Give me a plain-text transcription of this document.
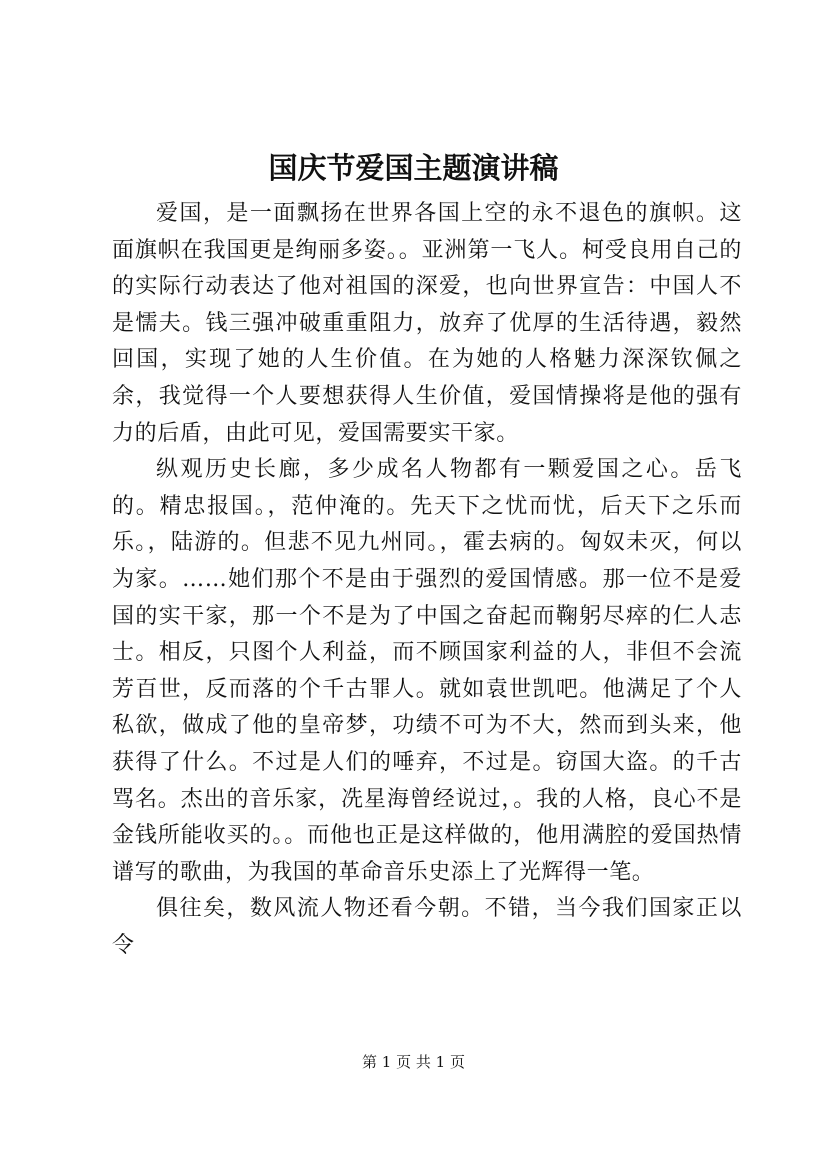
国庆节爱国主题演讲稿

爱国，是一面飘扬在世界各国上空的永不退色的旗帜。这面旗帜在我国更是绚丽多姿。。亚洲第一飞人。柯受良用自己的的实际行动表达了他对祖国的深爱，也向世界宣告：中国人不是懦夫。钱三强冲破重重阻力，放弃了优厚的生活待遇，毅然回国，实现了她的人生价值。在为她的人格魅力深深钦佩之余，我觉得一个人要想获得人生价值，爱国情操将是他的强有力的后盾，由此可见，爱国需要实干家。

纵观历史长廊，多少成名人物都有一颗爱国之心。岳飞的。精忠报国。，范仲淹的。先天下之忧而忧，后天下之乐而乐。，陆游的。但悲不见九州同。，霍去病的。匈奴未灭，何以为家。……她们那个不是由于强烈的爱国情感。那一位不是爱国的实干家，那一个不是为了中国之奋起而鞠躬尽瘁的仁人志士。相反，只图个人利益，而不顾国家利益的人，非但不会流芳百世，反而落的个千古罪人。就如袁世凯吧。他满足了个人私欲，做成了他的皇帝梦，功绩不可为不大，然而到头来，他获得了什么。不过是人们的唾弃，不过是。窃国大盗。的千古骂名。杰出的音乐家，冼星海曾经说过，。我的人格，良心不是金钱所能收买的。。而他也正是这样做的，他用满腔的爱国热情谱写的歌曲，为我国的革命音乐史添上了光辉得一笔。

俱往矣，数风流人物还看今朝。不错，当今我们国家正以令

第 1 页 共 1 页
